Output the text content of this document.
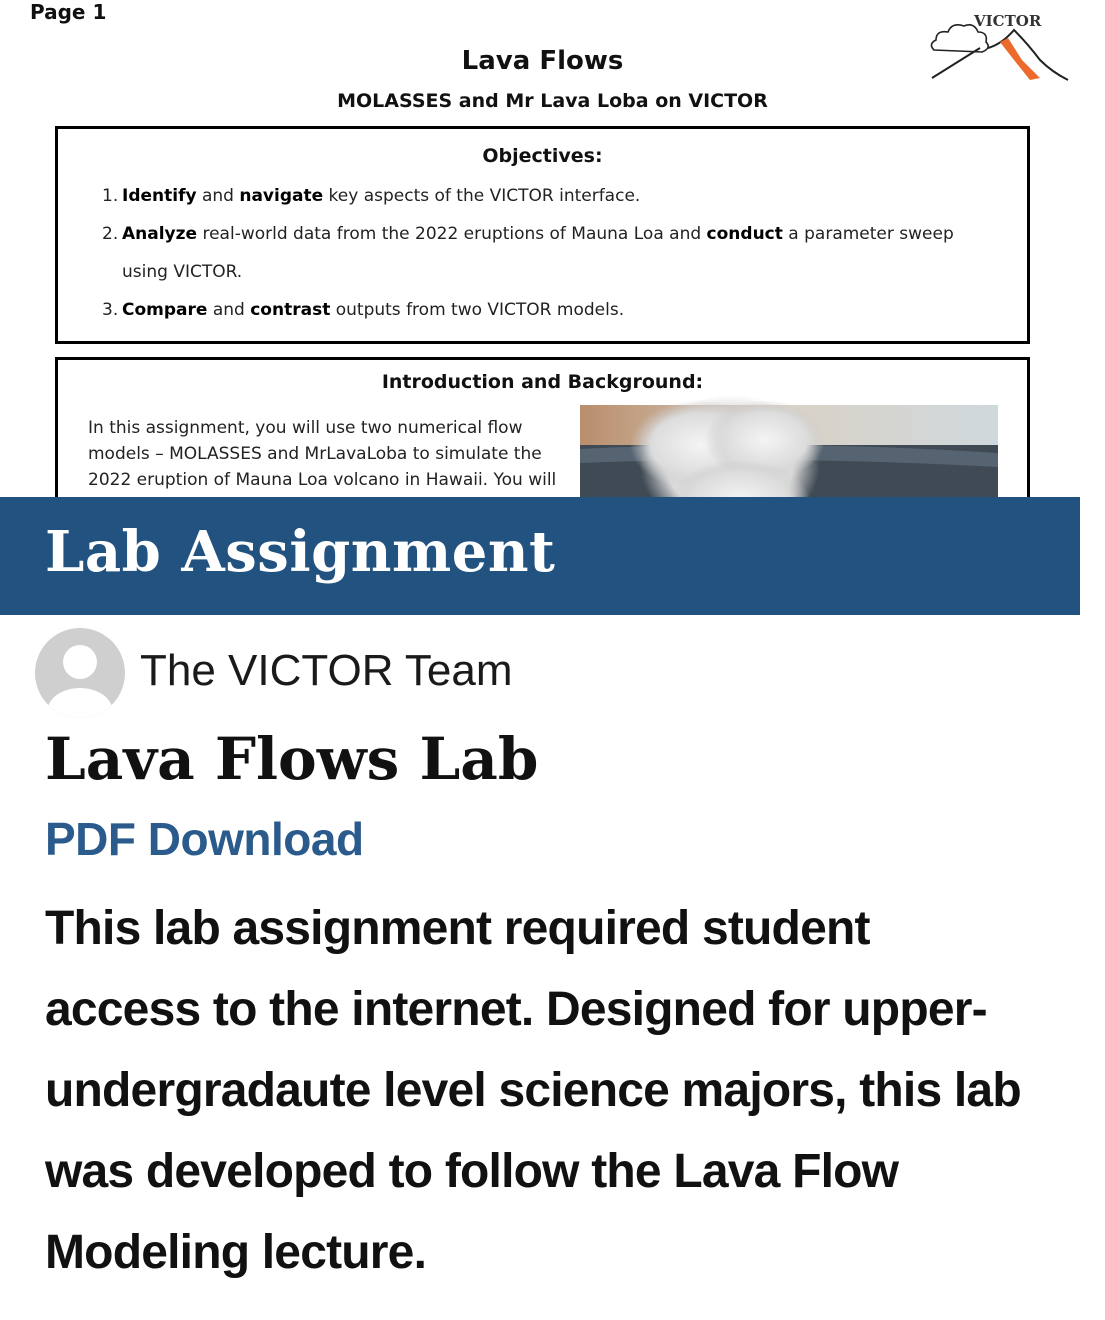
Page 1	VICTOR
Lava Flows
MOLASSES and Mr Lava Loba on VICTOR
Objectives:
1. Identify and navigate key aspects of the VICTOR interface.
2. Analyze real-world data from the 2022 eruptions of Mauna Loa and conduct a parameter sweep using VICTOR.
3. Compare and contrast outputs from two VICTOR models.
Introduction and Background:
In this assignment, you will use two numerical flow models – MOLASSES and MrLavaLoba to simulate the 2022 eruption of Mauna Loa volcano in Hawaii. You will
Lab Assignment
The VICTOR Team
Lava Flows Lab
PDF Download
This lab assignment required student access to the internet. Designed for upper-undergradaute level science majors, this lab was developed to follow the Lava Flow Modeling lecture.
